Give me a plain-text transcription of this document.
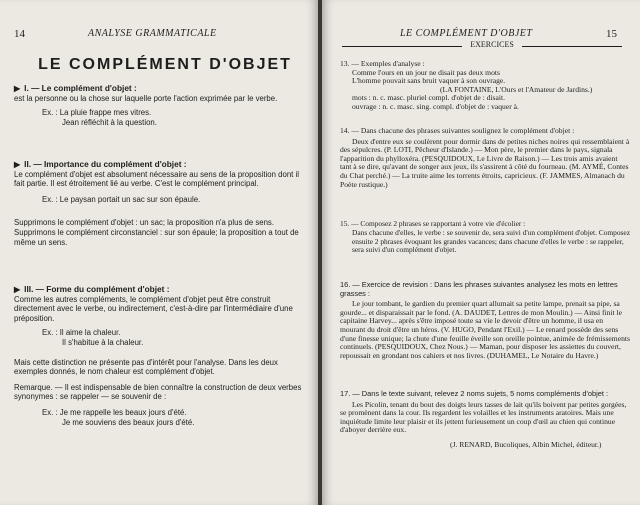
14	ANALYSE GRAMMATICALE
LE COMPLÉMENT D'OBJET

▶ I. — Le complément d'objet :

est la personne ou la chose sur laquelle porte l'action exprimée par le verbe.

Ex. : La pluie frappe mes vitres.

Jean réfléchit à la question.

▶ II. — Importance du complément d'objet :

Le complément d'objet est absolument nécessaire au sens de la proposition dont il fait partie. Il est étroitement lié au verbe. C'est le complément principal.

Ex. : Le paysan portait un sac sur son épaule.

Supprimons le complément d'objet : un sac; la proposition n'a plus de sens. Supprimons le complément circonstanciel : sur son épaule; la proposition a tout de même un sens.

▶ III. — Forme du complément d'objet :

Comme les autres compléments, le complément d'objet peut être construit directement avec le verbe, ou indirectement, c'est-à-dire par l'intermédiaire d'une préposition.

Ex. : Il aime la chaleur.

Il s'habitue à la chaleur.

Mais cette distinction ne présente pas d'intérêt pour l'analyse. Dans les deux exemples donnés, le nom chaleur est complément d'objet.

Remarque. — Il est indispensable de bien connaître la construction de deux verbes synonymes : se rappeler — se souvenir de :

Ex. : Je me rappelle les beaux jours d'été.

Je me souviens des beaux jours d'été.

LE COMPLÉMENT D'OBJET	15

EXERCICES

13. — Exemples d'analyse :

Comme l'ours en un jour ne disait pas deux mots

L'homme pouvait sans bruit vaquer à son ouvrage.

(LA FONTAINE, L'Ours et l'Amateur de Jardins.)

mots : n. c. masc. pluriel compl. d'objet de : disait.

ouvrage : n. c. masc. sing. compl. d'objet de : vaquer à.

14. — Dans chacune des phrases suivantes soulignez le complément d'objet :

Deux d'entre eux se coulèrent pour dormir dans de petites niches noires qui ressemblaient à des sépulcres. (P. LOTI, Pêcheur d'Islande.) — Mon père, le premier dans le pays, signala l'apparition du phylloxéra. (PESQUIDOUX, Le Livre de Raison.) — Les trois amis avaient tant à se dire, qu'avant de songer aux jeux, ils s'assirent à côté du fourneau. (M. AYMÉ, Contes du Chat perché.) — La truite aime les torrents étroits, capricieux. (F. JAMMES, Almanach du Poète rustique.)

15. — Composez 2 phrases se rapportant à votre vie d'écolier :

Dans chacune d'elles, le verbe : se souvenir de, sera suivi d'un complément d'objet. Composez ensuite 2 phrases évoquant les grandes vacances; dans chacune d'elles le verbe : se rappeler, sera suivi d'un complément d'objet.

16. — Exercice de revision : Dans les phrases suivantes analysez les mots en lettres grasses :

Le jour tombant, le gardien du premier quart allumait sa petite lampe, prenait sa pipe, sa gourde... et disparaissait par le fond. (A. DAUDET, Lettres de mon Moulin.) — Ainsi finit le capitaine Harvey... après s'être imposé toute sa vie le devoir d'être un homme, il usa en mourant du droit d'être un héros. (V. HUGO, Pendant l'Exil.) — Le renard possède des sens d'une finesse unique; la chute d'une feuille éveille son oreille pointue, animée de frémissements continuels. (PESQUIDOUX, Chez Nous.) — Maman, pour disposer les assiettes du couvert, repoussait en grondant nos cahiers et nos livres. (DUHAMEL, Le Notaire du Havre.)

17. — Dans le texte suivant, relevez 2 noms sujets, 5 noms compléments d'objet :

Les Picolin, tenant du bout des doigts leurs tasses de lait qu'ils boivent par petites gorgées, se promènent dans la cour. Ils regardent les volailles et les instruments aratoires. Mais une inquiétude limite leur plaisir et ils jettent furieusement un coup d'œil au chien qui continue d'aboyer derrière eux.

(J. RENARD, Bucoliques, Albin Michel, éditeur.)
